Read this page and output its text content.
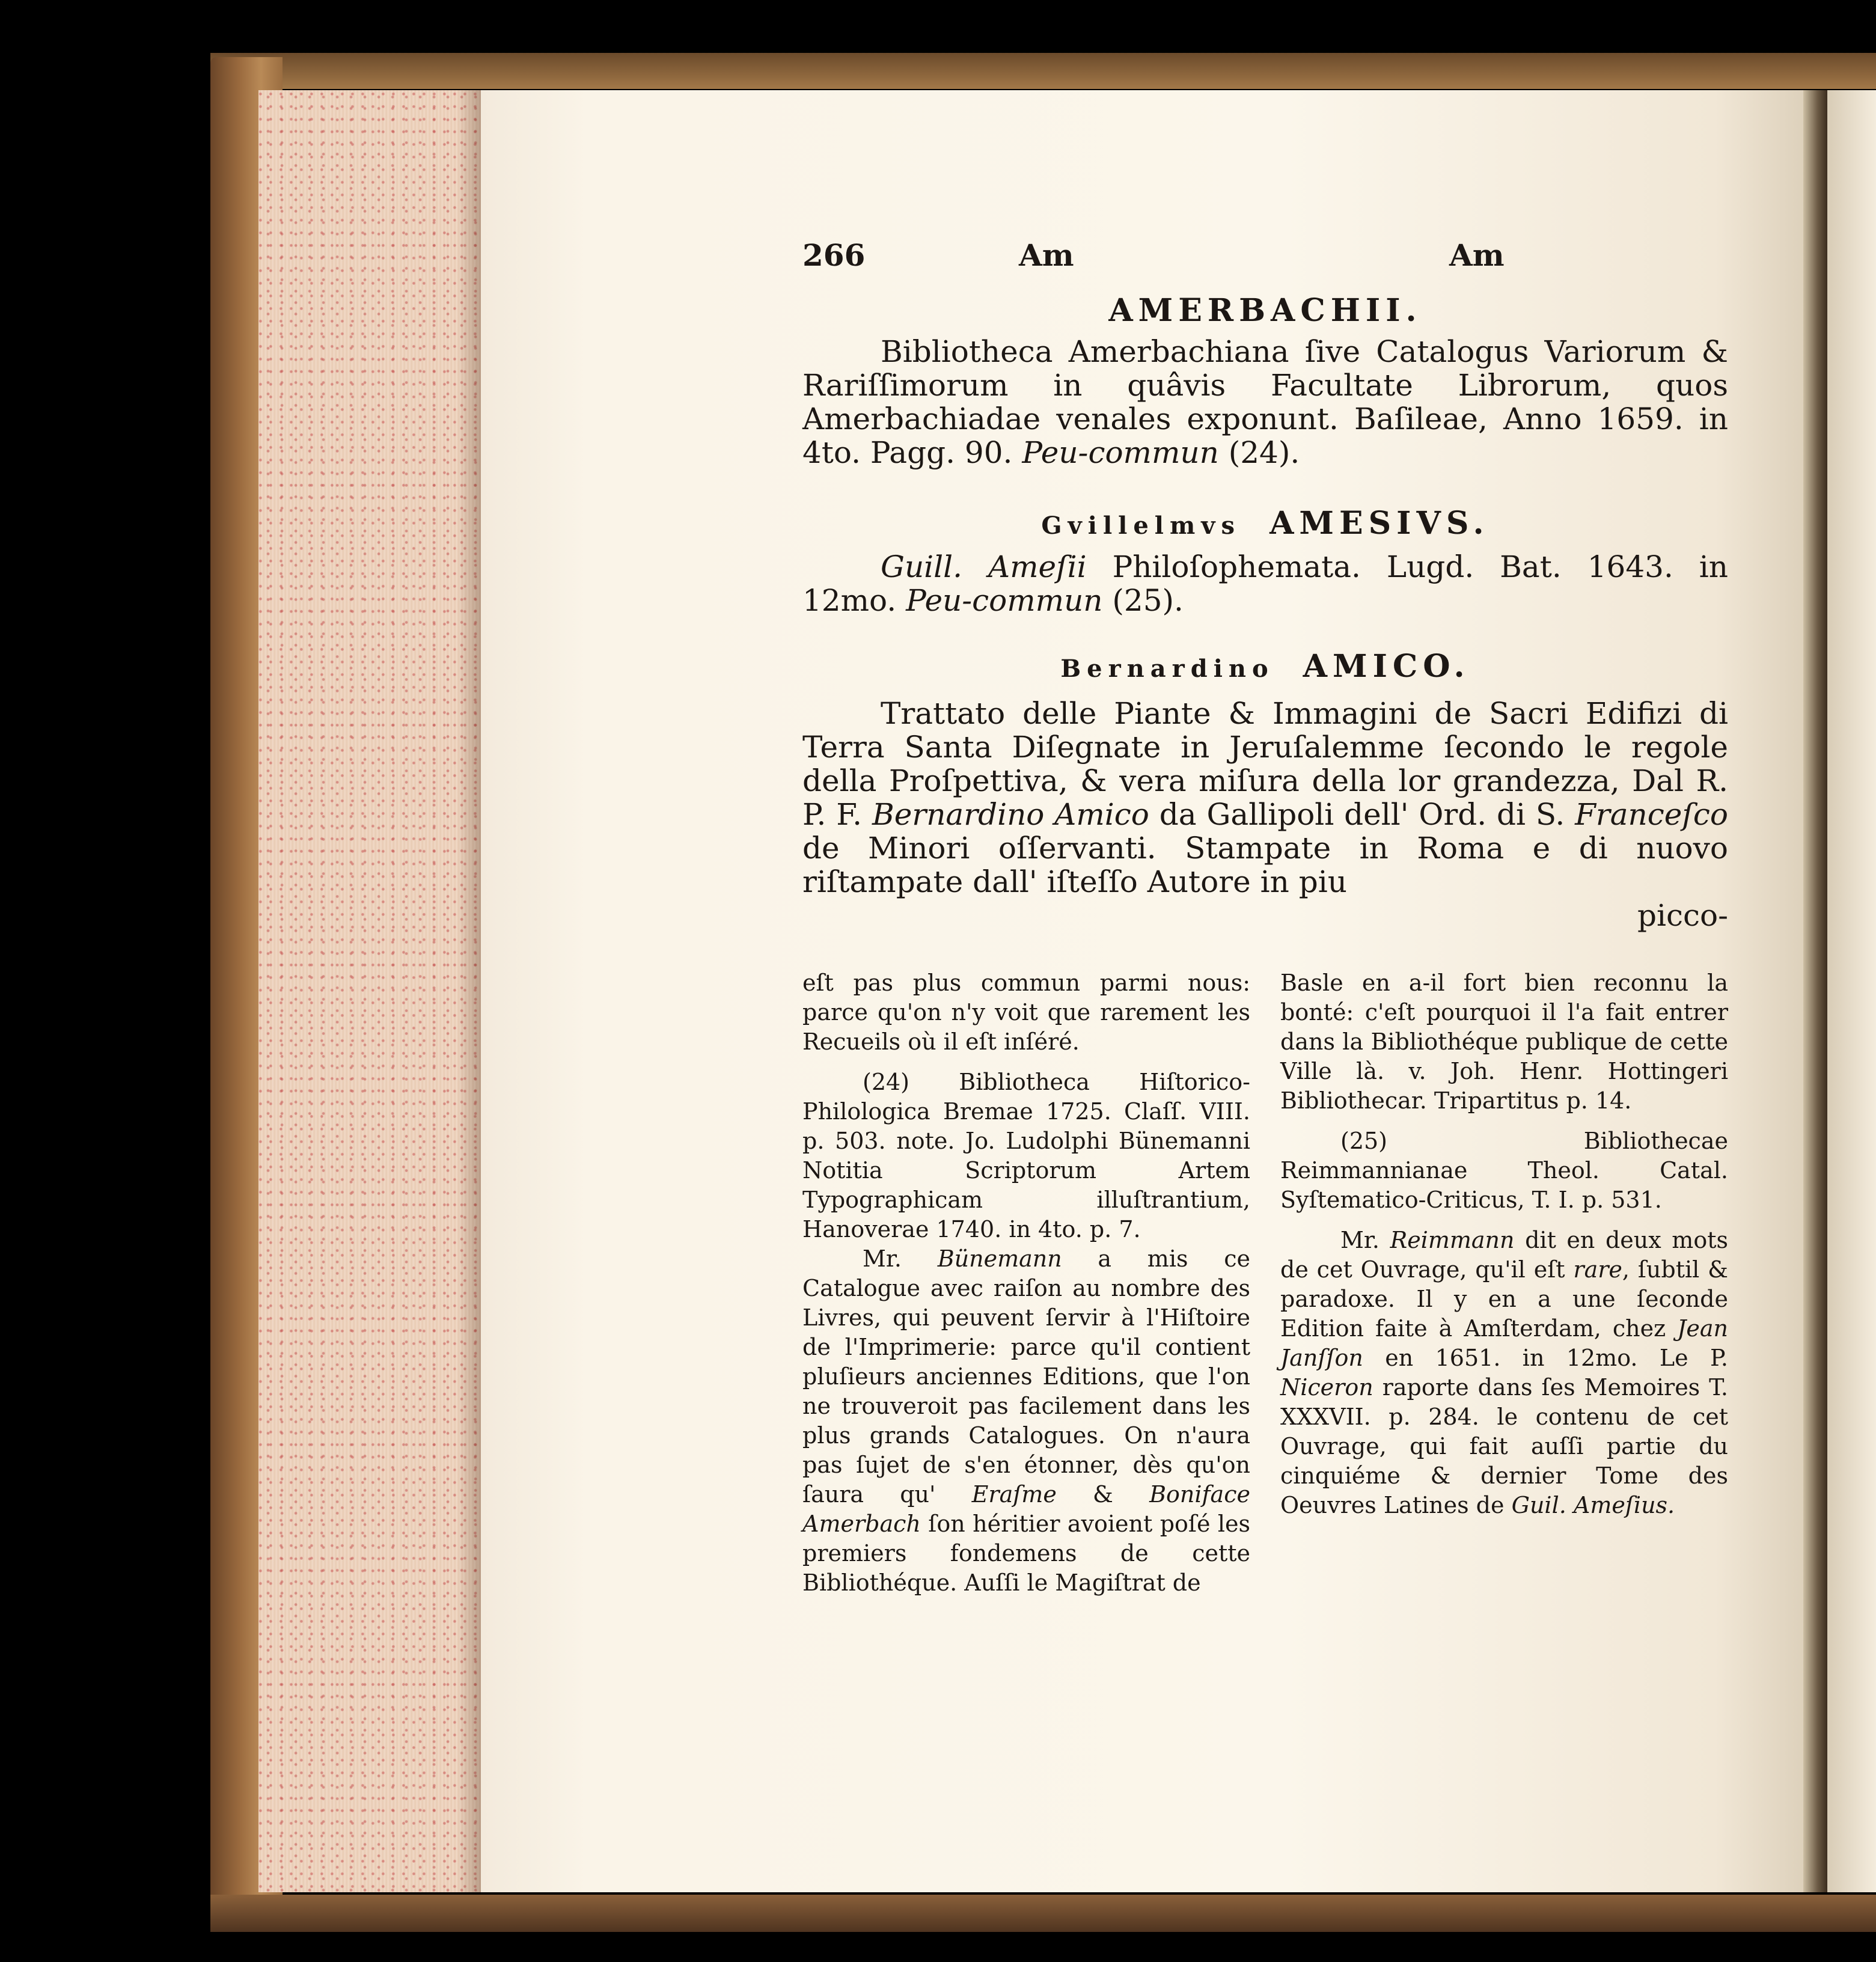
266	Am	Am
AMERBACHII.

Bibliotheca Amerbachiana ſive Catalogus Variorum & Rariſſimorum in quâvis Facultate Librorum, quos Amerbachiadae venales exponunt. Baſileae, Anno 1659. in 4to. Pagg. 90. Peu-commun (24).

Gvillelmvs AMESIVS.

Guill. Ameſii Philoſophemata. Lugd. Bat. 1643. in 12mo. Peu-commun (25).

Bernardino AMICO.

Trattato delle Piante & Immagini de Sacri Edifizi di Terra Santa Diſegnate in Jeruſalemme ſecondo le regole della Proſpettiva, & vera miſura della lor grandezza, Dal R. P. F. Bernardino Amico da Gallipoli dell' Ord. di S. Franceſco de Minori oſſervanti. Stampate in Roma e di nuovo riſtampate dall' iſteſſo Autore in piu

picco-

eſt pas plus commun parmi nous: parce qu'on n'y voit que rarement les Recueils où il eſt inſéré.

(24) Bibliotheca Hiſtorico-Philologica Bremae 1725. Claſſ. VIII. p. 503. note. Jo. Ludolphi Bünemanni Notitia Scriptorum Artem Typographicam illuſtrantium, Hanoverae 1740. in 4to. p. 7.

Mr. Bünemann a mis ce Catalogue avec raiſon au nombre des Livres, qui peuvent ſervir à l'Hiſtoire de l'Imprimerie: parce qu'il contient pluſieurs anciennes Editions, que l'on ne trouveroit pas facilement dans les plus grands Catalogues. On n'aura pas ſujet de s'en étonner, dès qu'on ſaura qu' Eraſme & Boniface Amerbach ſon héritier avoient poſé les premiers fondemens de cette Bibliothéque. Auſſi le Magiſtrat de

Basle en a-il fort bien reconnu la bonté: c'eſt pourquoi il l'a fait entrer dans la Bibliothéque publique de cette Ville là. v. Joh. Henr. Hottingeri Bibliothecar. Tripartitus p. 14.

(25) Bibliothecae Reimmannianae Theol. Catal. Syſtematico-Criticus, T. I. p. 531.

Mr. Reimmann dit en deux mots de cet Ouvrage, qu'il eſt rare, ſubtil & paradoxe. Il y en a une ſeconde Edition faite à Amſterdam, chez Jean Janſſon en 1651. in 12mo. Le P. Niceron raporte dans ſes Memoires T. XXXVII. p. 284. le contenu de cet Ouvrage, qui fait auſſi partie du cinquiéme & dernier Tome des Oeuvres Latines de Guil. Ameſius.
